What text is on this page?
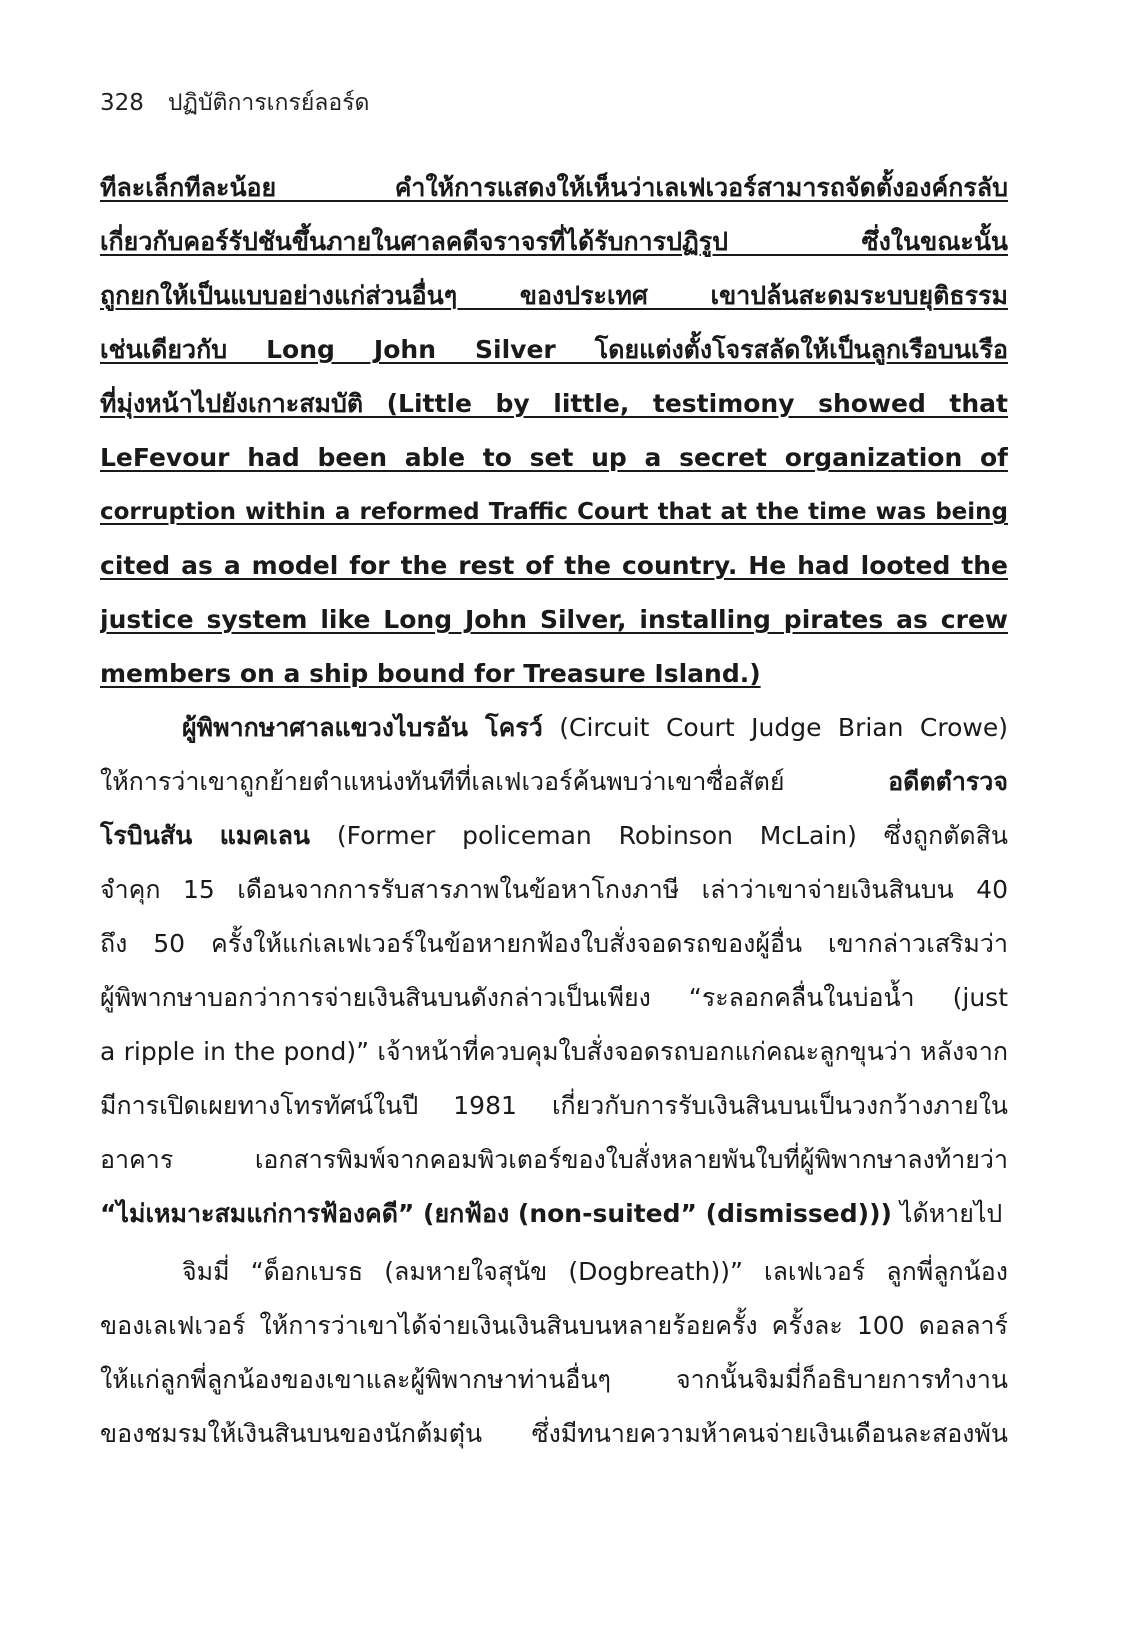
328 ปฏิบัติการเกรย์ลอร์ด
ทีละเล็กทีละน้อย คำให้การแสดงให้เห็นว่าเลเฟเวอร์สามารถจัดตั้งองค์กรลับ
เกี่ยวกับคอร์รัปชันขึ้นภายในศาลคดีจราจรที่ได้รับการปฏิรูป ซึ่งในขณะนั้น
ถูกยกให้เป็นแบบอย่างแก่ส่วนอื่นๆ ของประเทศ เขาปล้นสะดมระบบยุติธรรม
เช่นเดียวกับ Long John Silver โดยแต่งตั้งโจรสลัดให้เป็นลูกเรือบนเรือ
ที่มุ่งหน้าไปยังเกาะสมบัติ (Little by little, testimony showed that
LeFevour had been able to set up a secret organization of
corruption within a reformed Traffic Court that at the time was being
cited as a model for the rest of the country. He had looted the
justice system like Long John Silver, installing pirates as crew
members on a ship bound for Treasure Island.)
ผู้พิพากษาศาลแขวงไบรอัน โครว์ (Circuit Court Judge Brian Crowe)
ให้การว่าเขาถูกย้ายตำแหน่งทันทีที่เลเฟเวอร์ค้นพบว่าเขาซื่อสัตย์ อดีตตำรวจ
โรบินสัน แมคเลน (Former policeman Robinson McLain) ซึ่งถูกตัดสิน
จำคุก 15 เดือนจากการรับสารภาพในข้อหาโกงภาษี เล่าว่าเขาจ่ายเงินสินบน 40
ถึง 50 ครั้งให้แก่เลเฟเวอร์ในข้อหายกฟ้องใบสั่งจอดรถของผู้อื่น เขากล่าวเสริมว่า
ผู้พิพากษาบอกว่าการจ่ายเงินสินบนดังกล่าวเป็นเพียง “ระลอกคลื่นในบ่อน้ำ (just
a ripple in the pond)” เจ้าหน้าที่ควบคุมใบสั่งจอดรถบอกแก่คณะลูกขุนว่า หลังจาก
มีการเปิดเผยทางโทรทัศน์ในปี 1981 เกี่ยวกับการรับเงินสินบนเป็นวงกว้างภายใน
อาคาร เอกสารพิมพ์จากคอมพิวเตอร์ของใบสั่งหลายพันใบที่ผู้พิพากษาลงท้ายว่า
“ไม่เหมาะสมแก่การฟ้องคดี” (ยกฟ้อง (non-suited” (dismissed))) ได้หายไป
จิมมี่ “ด็อกเบรธ (ลมหายใจสุนัข (Dogbreath))” เลเฟเวอร์ ลูกพี่ลูกน้อง
ของเลเฟเวอร์ ให้การว่าเขาได้จ่ายเงินเงินสินบนหลายร้อยครั้ง ครั้งละ 100 ดอลลาร์
ให้แก่ลูกพี่ลูกน้องของเขาและผู้พิพากษาท่านอื่นๆ จากนั้นจิมมี่ก็อธิบายการทำงาน
ของชมรมให้เงินสินบนของนักต้มตุ๋น ซึ่งมีทนายความห้าคนจ่ายเงินเดือนละสองพัน
